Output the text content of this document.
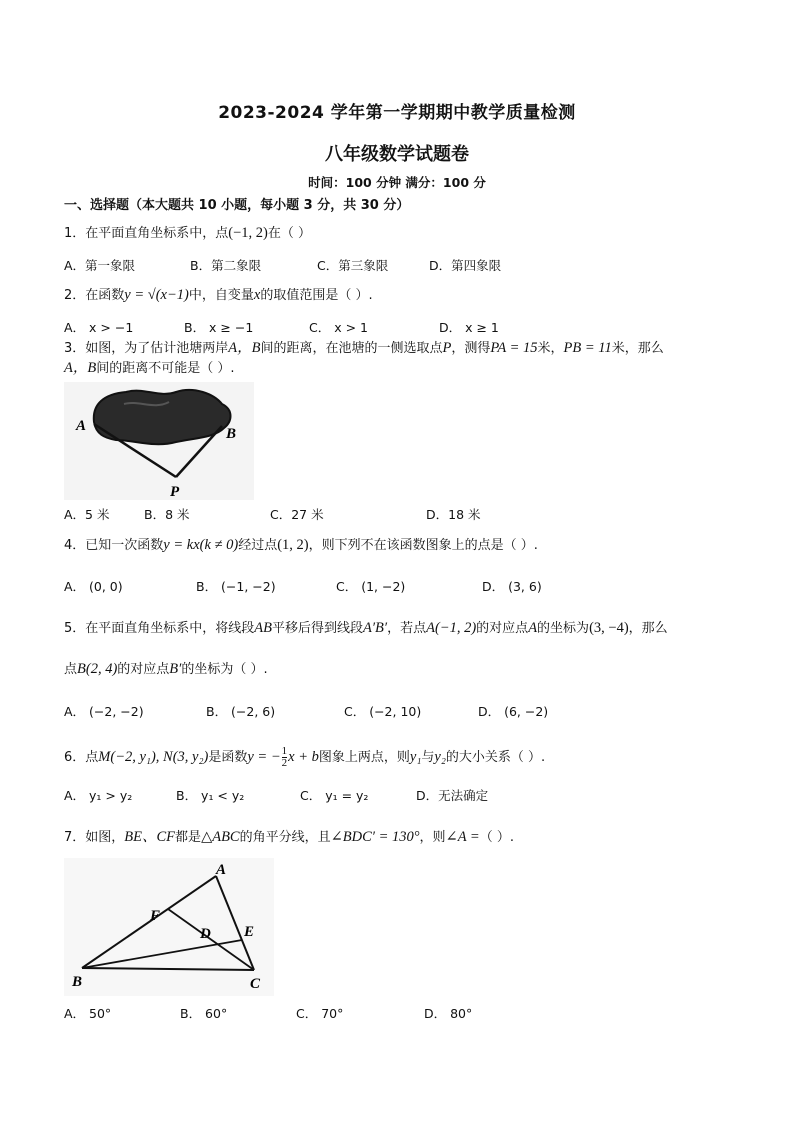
2023-2024 学年第一学期期中教学质量检测
八年级数学试题卷
时间：100 分钟 满分：100 分
一、选择题（本大题共 10 小题，每小题 3 分，共 30 分）
1．在平面直角坐标系中，点(−1, 2)在（ ）
A．第一象限	B．第二象限	C．第三象限	D．第四象限
2．在函数y = √(x−1)中，自变量x的取值范围是（ ）.
A． x > −1	B． x ≥ −1	C． x > 1	D． x ≥ 1
3．如图，为了估计池塘两岸A，B间的距离，在池塘的一侧选取点P，测得PA = 15米，PB = 11米，那么
A，B间的距离不可能是（ ）.
A	B
P
A．5 米	B．8 米	C．27 米	D．18 米
4．已知一次函数y = kx(k ≠ 0)经过点(1, 2)，则下列不在该函数图象上的点是（ ）.
A． (0, 0)	B． (−1, −2)	C． (1, −2)	D． (3, 6)
5．在平面直角坐标系中，将线段AB平移后得到线段A′B′，若点A(−1, 2)的对应点A的坐标为(3, −4)，那么
点B(2, 4)的对应点B′的坐标为（ ）.
A． (−2, −2)	B． (−2, 6)	C． (−2, 10)	D． (6, −2)
6．点M(−2, y₁), N(3, y₂)是函数y = − $\frac{1}{2}$ x + b图象上两点，则y₁与y₂的大小关系（ ）.
A． y₁ > y₂	B． y₁ < y₂	C． y₁ = y₂	D．无法确定
7．如图，BE、CF都是△ABC的角平分线，且∠BDC′ = 130°，则∠A =（ ）.
A
F
D E
B	C
A． 50°	B． 60°	C． 70°	D． 80°
